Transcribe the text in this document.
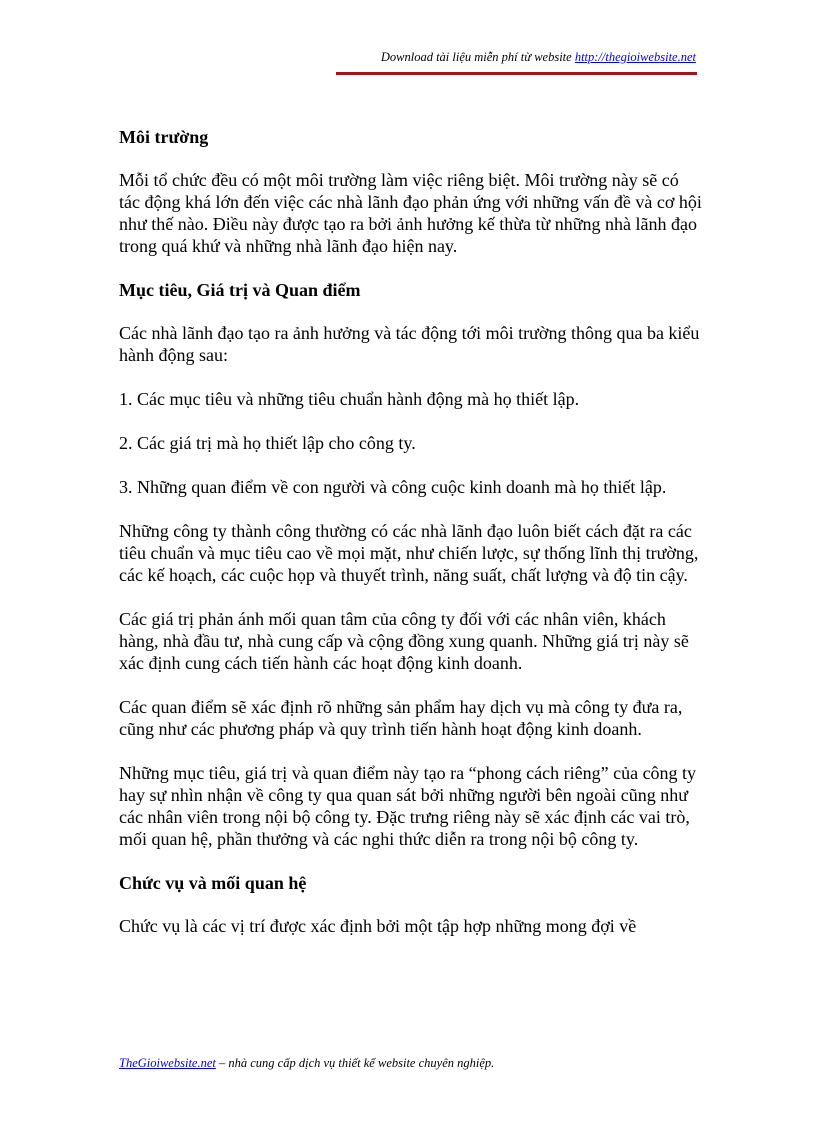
Download tài liệu miễn phí từ website http://thegioiwebsite.net
Môi trường

Mỗi tổ chức đều có một môi trường làm việc riêng biệt. Môi trường này sẽ có tác động khá lớn đến việc các nhà lãnh đạo phản ứng với những vấn đề và cơ hội như thế nào. Điều này được tạo ra bởi ảnh hưởng kế thừa từ những nhà lãnh đạo trong quá khứ và những nhà lãnh đạo hiện nay.

Mục tiêu, Giá trị và Quan điểm

Các nhà lãnh đạo tạo ra ảnh hưởng và tác động tới môi trường thông qua ba kiểu hành động sau:

1. Các mục tiêu và những tiêu chuẩn hành động mà họ thiết lập.

2. Các giá trị mà họ thiết lập cho công ty.

3. Những quan điểm về con người và công cuộc kinh doanh mà họ thiết lập.

Những công ty thành công thường có các nhà lãnh đạo luôn biết cách đặt ra các tiêu chuẩn và mục tiêu cao về mọi mặt, như chiến lược, sự thống lĩnh thị trường, các kế hoạch, các cuộc họp và thuyết trình, năng suất, chất lượng và độ tin cậy.

Các giá trị phản ánh mối quan tâm của công ty đối với các nhân viên, khách hàng, nhà đầu tư, nhà cung cấp và cộng đồng xung quanh. Những giá trị này sẽ xác định cung cách tiến hành các hoạt động kinh doanh.

Các quan điểm sẽ xác định rõ những sản phẩm hay dịch vụ mà công ty đưa ra, cũng như các phương pháp và quy trình tiến hành hoạt động kinh doanh.

Những mục tiêu, giá trị và quan điểm này tạo ra “phong cách riêng” của công ty hay sự nhìn nhận về công ty qua quan sát bởi những người bên ngoài cũng như các nhân viên trong nội bộ công ty. Đặc trưng riêng này sẽ xác định các vai trò, mối quan hệ, phần thưởng và các nghi thức diễn ra trong nội bộ công ty.

Chức vụ và mối quan hệ

Chức vụ là các vị trí được xác định bởi một tập hợp những mong đợi về

TheGioiwebsite.net – nhà cung cấp dịch vụ thiết kế website chuyên nghiệp.
